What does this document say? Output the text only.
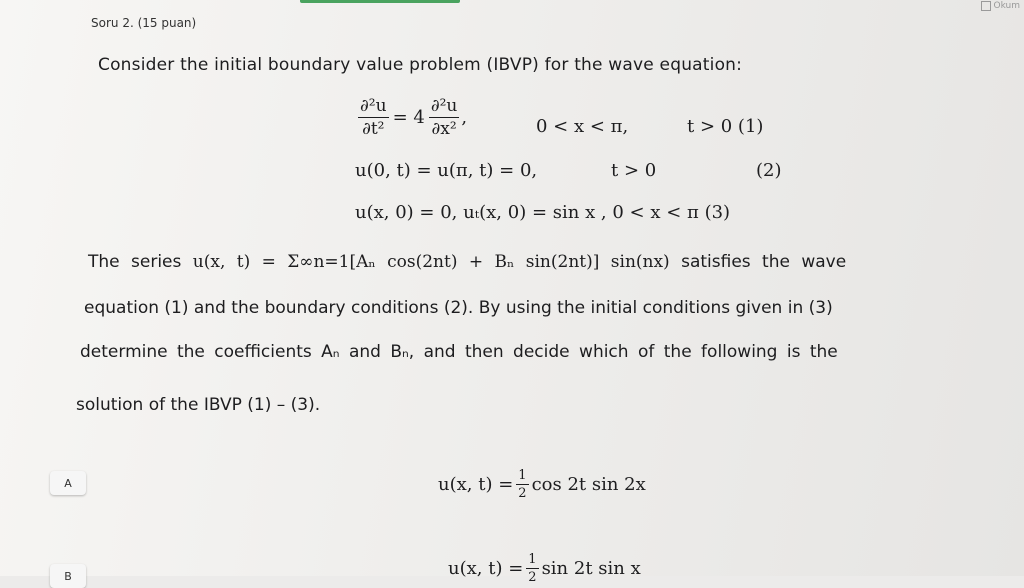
Okum
Soru 2. (15 puan)
Consider the initial boundary value problem (IBVP) for the wave equation:
$\frac{\text{∂²u}}{\text{∂t²}} = 4 \frac{\text{∂²u}}{\text{∂x²}}$ ,	0 < x < π,	t > 0 (1)
u(0, t) = u(π, t) = 0,	t > 0	(2)
u(x, 0) = 0, uₜ(x, 0) = sin x , 0 < x < π (3)
The series u(x, t) = Σ∞n=1[Aₙ cos(2nt) + Bₙ sin(2nt)] sin(nx) satisfies the wave
equation (1) and the boundary conditions (2). By using the initial conditions given in (3)
determine the coefficients Aₙ and Bₙ, and then decide which of the following is the
solution of the IBVP (1) – (3).
A	u(x, $t) = \frac{1}{2}$ cos 2t sin 2x
B	u(x, $t) = \frac{1}{2}$ sin 2t sin x
